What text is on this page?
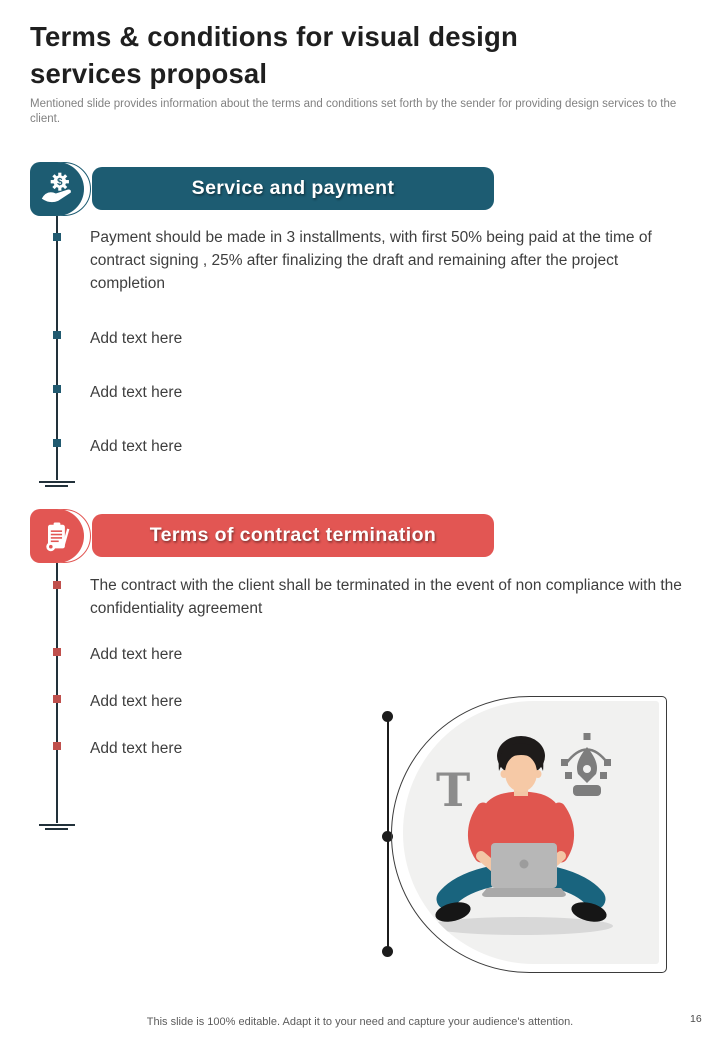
Terms & conditions for visual design services proposal
Mentioned slide provides information about the terms and conditions set forth by the sender for providing design services to the client.
$	Service and payment
Payment should be made in 3 installments, with first 50% being paid at the time of contract signing , 25% after finalizing the draft and remaining after the project completion
Add text here
Add text here
Add text here
Terms of contract termination
The contract with the client shall be terminated in the event of non compliance with the confidentiality agreement
Add text here
Add text here
Add text here
T
This slide is 100% editable. Adapt it to your need and capture your audience's attention.	16
